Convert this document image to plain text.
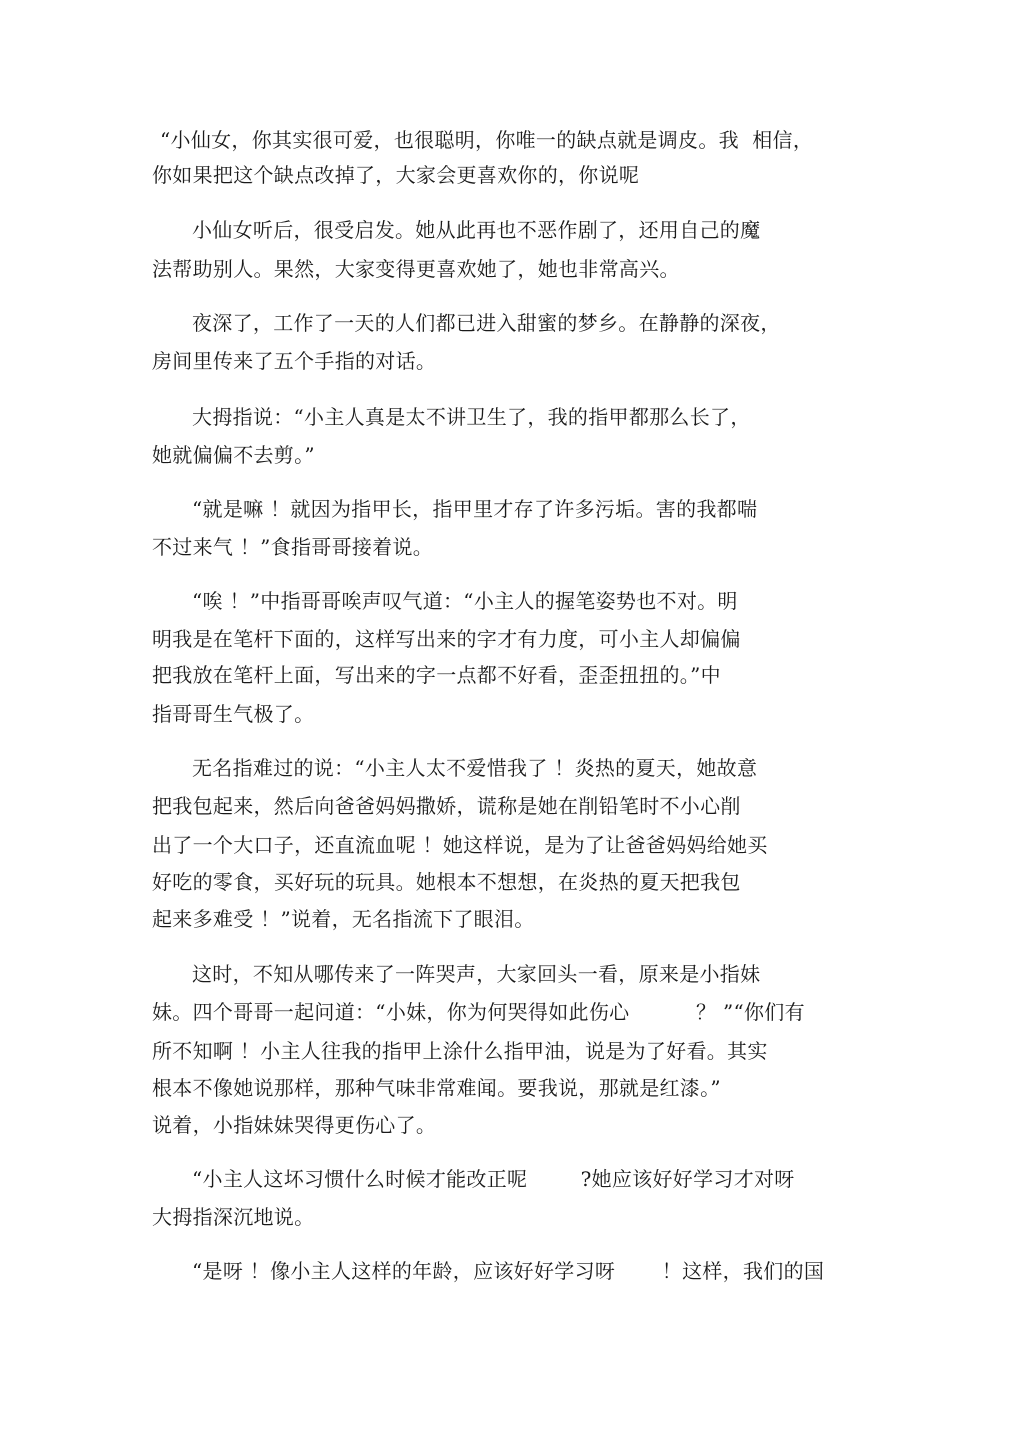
“小仙女，你其实很可爱，也很聪明，你唯一的缺点就是调皮。我  相信，
你如果把这个缺点改掉了，大家会更喜欢你的，你说呢
小仙女听后，很受启发。她从此再也不恶作剧了，还用自己的魔
法帮助别人。果然，大家变得更喜欢她了，她也非常高兴。
夜深了，工作了一天的人们都已进入甜蜜的梦乡。在静静的深夜，
房间里传来了五个手指的对话。
大拇指说：“小主人真是太不讲卫生了，我的指甲都那么长了，
她就偏偏不去剪。”
“就是嘛 ！就因为指甲长，指甲里才存了许多污垢。害的我都喘
不过来气 ！”食指哥哥接着说。
“唉 ！”中指哥哥唉声叹气道：“小主人的握笔姿势也不对。明
明我是在笔杆下面的，这样写出来的字才有力度，可小主人却偏偏
把我放在笔杆上面，写出来的字一点都不好看，歪歪扭扭的。”中
指哥哥生气极了。
无名指难过的说：“小主人太不爱惜我了 ！炎热的夏天，她故意
把我包起来，然后向爸爸妈妈撒娇，谎称是她在削铅笔时不小心削
出了一个大口子，还直流血呢 ！她这样说，是为了让爸爸妈妈给她买
好吃的零食，买好玩的玩具。她根本不想想，在炎热的夏天把我包
起来多难受 ！”说着，无名指流下了眼泪。
这时，不知从哪传来了一阵哭声，大家回头一看，原来是小指妹
妹。四个哥哥一起问道：“小妹，你为何哭得如此伤心          ？ ”“你们有
所不知啊 ！小主人往我的指甲上涂什么指甲油，说是为了好看。其实
根本不像她说那样，那种气味非常难闻。要我说，那就是红漆。”
说着，小指妹妹哭得更伤心了。
“小主人这坏习惯什么时候才能改正呢        ?她应该好好学习才对呀
大拇指深沉地说。
“是呀 ！像小主人这样的年龄，应该好好学习呀       ！这样，我们的国
